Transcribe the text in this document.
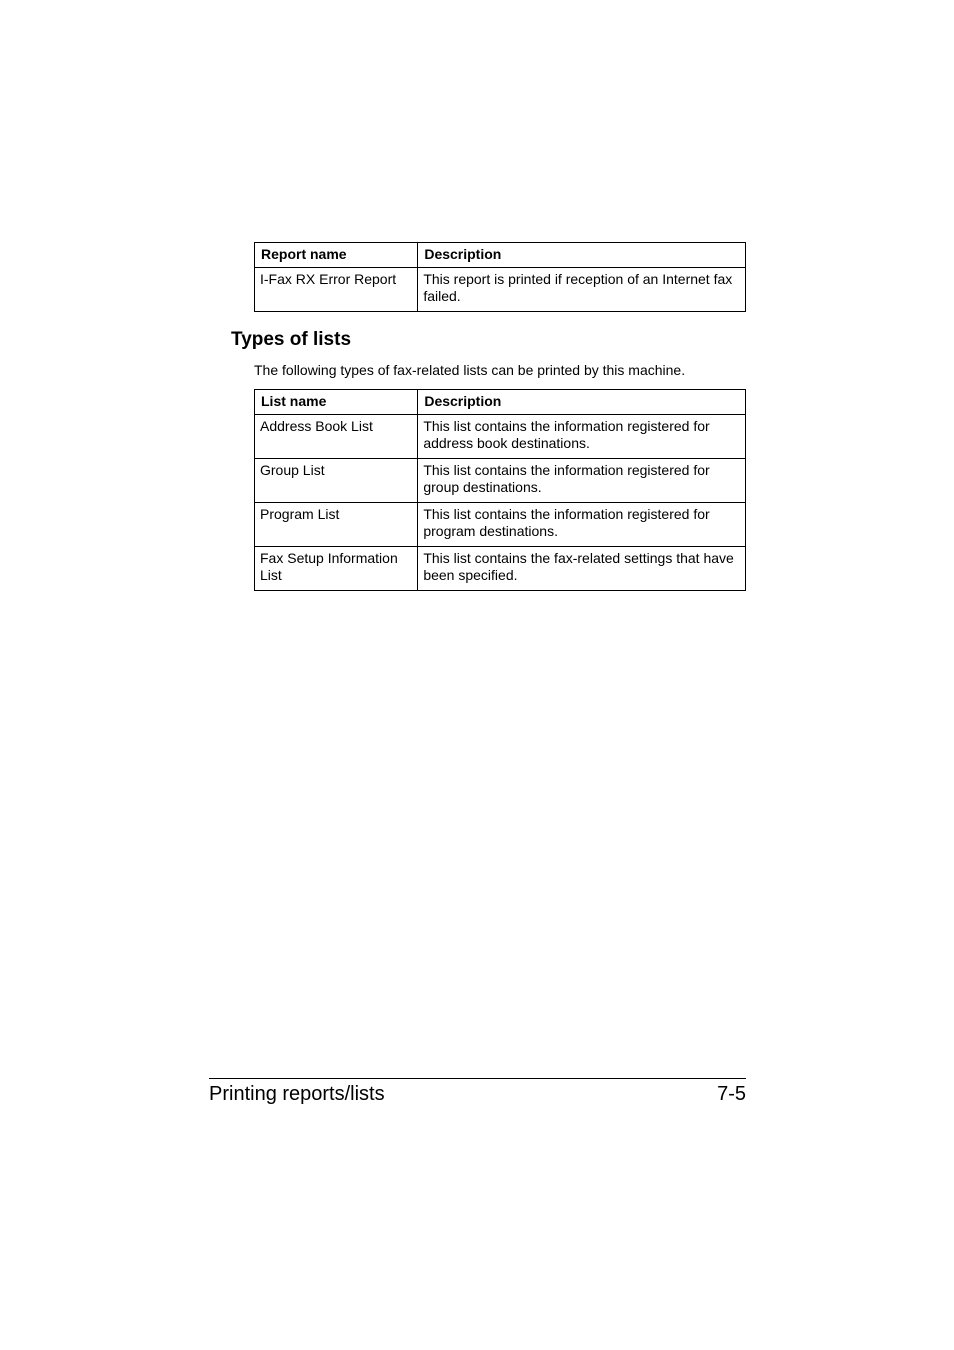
Report name	Description
I-Fax RX Error Report	This report is printed if reception of an Internet fax failed.
Types of lists

The following types of fax-related lists can be printed by this machine.

List name	Description
Address Book List	This list contains the information registered for address book destinations.
Group List	This list contains the information registered for group destinations.
Program List	This list contains the information registered for program destinations.
Fax Setup Information List	This list contains the fax-related settings that have been specified.
Printing reports/lists	7-5
